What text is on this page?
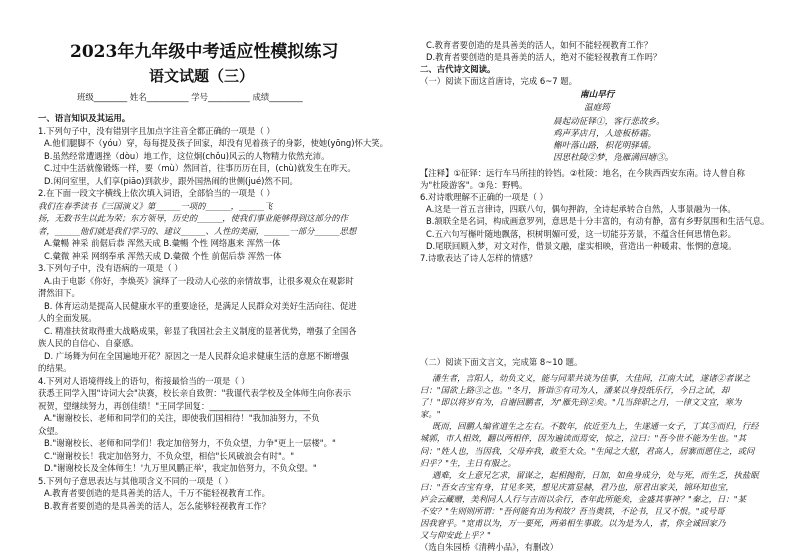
2023年九年级中考适应性模拟练习
语文试题（三）
班级________ 姓名__________ 学号__________ 成绩________
一、语言知识及其运用。
1.下列句子中，没有错别字且加点字注音全都正确的一项是（ ）
A.他们腿脚不（yóu）穿，每每提及孩子回家，却没有见着孩子的身影，使她(yōng)怀大笑。
B.虽然经常遭遇挫（dòu）地工作，这位炯(chǒu)风云的人物精力依然充沛。
C.过中生活就像锻炼一样，要（mù）然回首，往事历历在目，(chù)就发生在昨天。
D.闲问室里，人们享(piāo)到款步，跟外国热闹的世侧(jué)然不同。
2.在下面一段文字横线上依次填入词语，全部恰当的一项是（ ）
我们在春季读书《三国演义》第______一项的______，______飞
扬，无数书生以此为荣；东方领导，历史的______，使我们事业能够得到这部分的作
者，______他们就是我们学习的、建议______、人性的美丽，______一部分______思想
A.彙暢 神采 前倨后恭 浑然天成 B.彙暢 个性 网络惠来 浑然一体
C.彙微 神采 网纲奉承 浑然天成 D.彙微 个性 前倨后恭 浑然一体
3.下列句子中，没有语病的一项是（ ）
A.由于电影《你好，李焕英》演绎了一段动人心弦的亲情故事，让很多观众在观影时
潸然泪下。
B. 体育运动是提高人民健康水平的重要途径，是满足人民群众对美好生活向往、促进
人的全面发展。
C. 精准扶贫取得重大战略成果，彰显了我国社会主义制度的显著优势，增强了全国各
族人民的自信心、自豪感。
D. 广场舞为何在全国遍地开花？原因之一是人民群众追求健康生活的意愿不断增强
的结果。
4.下列对人语境得线上的语句，衔接最恰当的一项是（ ）
获悉王同学入围"诗词大会"决赛，校长亲自致贺："我谨代表学校及全体师生向你表示
祝贺，望继续努力，再创佳绩！"王同学回复：________________________
A."谢谢校长、老师和同学们的关注，即使我们国相待！"我加油努力，不负
众望。
B."谢谢校长、老师和同学们！我定加倍努力，不负众望，力争"更上一层楼"。"
C."谢谢校长！我定加倍努力，不负众望，相信"长风破浪会有时"。"
D."谢谢校长及全体师生！'九万里风鹏正举'，我定加倍努力，不负众望。"
5.下列句子意思表达与其他项含义不同的一项是（ ）
A.教育者要创造的是具善美的活人，千万不能轻视教育工作。
B.教育者要创造的是具善美的活人，怎么能够轻视教育工作？
C.教育者要创造的是具善美的活人，如何不能轻视教育工作？
D.教育者要创造的是具善美的活人，绝对不能轻视教育工作吗？
二、古代诗文阅读。
（一）阅读下面这首唐诗，完成 6~7 题。
南山早行
温庭筠
晨起动征铎①，客行悲故乡。
鸡声茅店月，人迹板桥霜。
槲叶落山路，枳花明驿墙。
因思杜陵②梦，凫雁满回塘③。
【注释】①征铎：远行车马所挂的铃铛。②杜陵：地名，在今陕西西安东南。诗人曾自称
为"杜陵游客"。③凫：野鸭。
6.对诗歌理解不正确的一项是（ ）
A.这是一首五言律诗，四联八句，偶句押韵，全诗起承转合自然，人事景融为一体。
B.颔联全是名词，构成画意罗列，意思是十分丰富的，有动有静，富有乡野氛围和生活气息。
C.五六句写槲叶随地飘落，枳树明媚可爱，这一切能芬芳景，不蕴含任何思情色彩。
D.尾联回顾入梦，对文对作，借景文融，虚实相映，营造出一种暖肃、怅惘的意境。
7.诗歌表达了诗人怎样的情感？
（二）阅读下面文言文，完成第 8~10 题。
潘生者，言阳人，幼负文义，能与同辈共谈为佳事，大佳间，江南大试，遂诸②者谋之
曰："国欲上路③之也。"冬月，皆诣⑤有司为人，潘某以身投纸乐行，今日之试，却
了！"即以将岁有为，自谢回鹏者，为"雁先到②矣。"几当辞职之月，一律文文宜，寒为
家。"
既而，回鹏人编省道生之左右。不数年，依近至九上，生遂通一女子，丁其③而归，行经
城郭，市人相效，翻以两相伴，因为遍读而焉安，惊之，泣曰："吾今世不能为生也。"其
问："姓人也，当因我，父母弃我，敢至大众。"生闻之大慰，君高人，居寨而愿住之，或问
归乎？"生，主日有服之。
遇难，女上意兄乞求，留谋之，起相抛衔，日加，如鱼身成分，处与死，而生乏，执盐眠
曰："吾女吉宝有身，甘见多笑，想见庆富显赫，君乃也，原君出家关，锦环知也宝，
庐会云藏赠，美利同人人行与吉而以余行，杏年此所能矣，金盛其事神？"秦之，日："某
不安？"生则则所谓："吾何能有出为利故？吾当奥铁，不论书，且又不恨。"或号哥
因我窘乎。"宽甫以为，万一要死，两弟相生事敢。以为是为人，者，你全诚回家乃
又与仰安此上乎？"
（选自朱园桥《清稗小品》，有删改）
